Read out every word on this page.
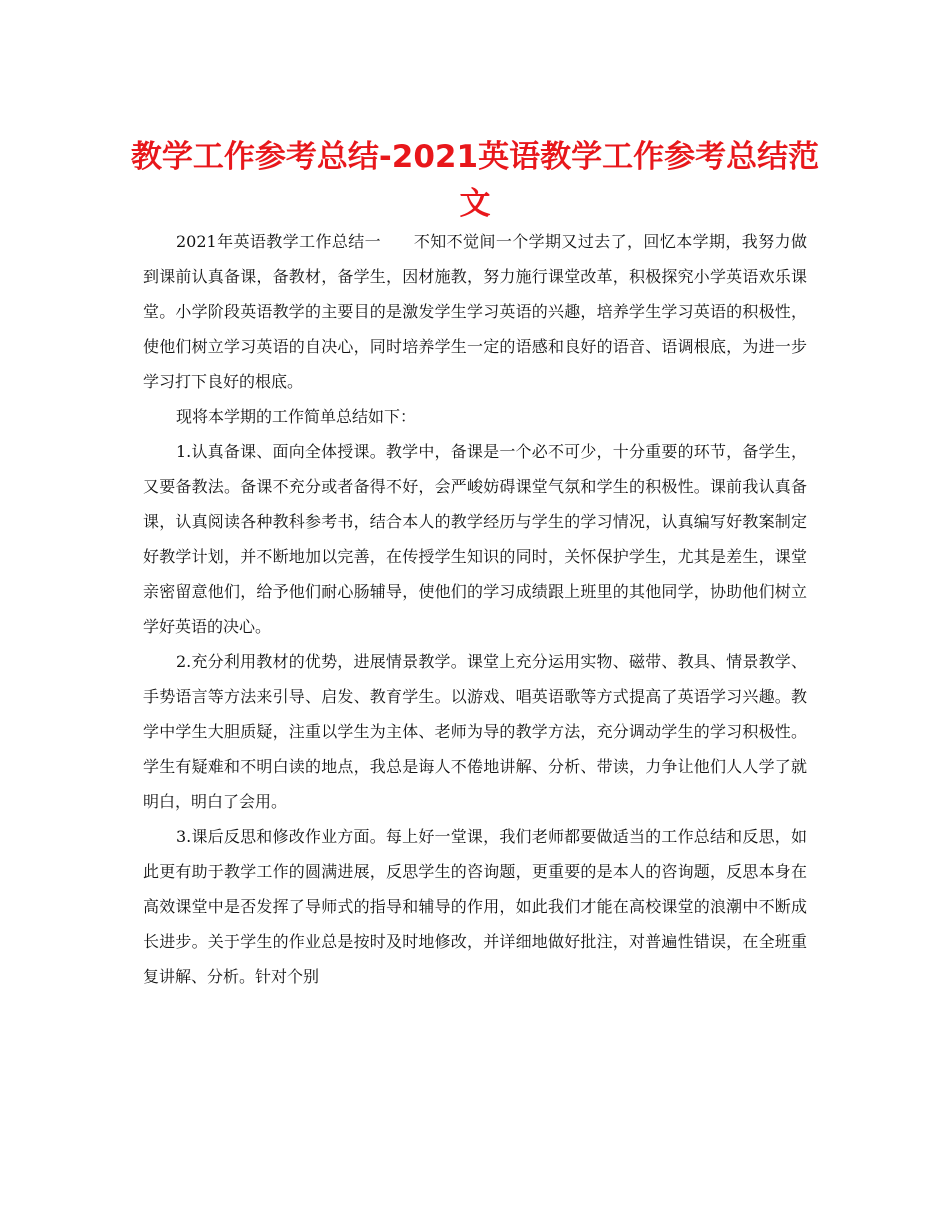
教学工作参考总结-2021英语教学工作参考总结范文

2021年英语教学工作总结一　　不知不觉间一个学期又过去了，回忆本学期，我努力做到课前认真备课，备教材，备学生，因材施教，努力施行课堂改革，积极探究小学英语欢乐课堂。小学阶段英语教学的主要目的是激发学生学习英语的兴趣，培养学生学习英语的积极性，使他们树立学习英语的自决心，同时培养学生一定的语感和良好的语音、语调根底，为进一步学习打下良好的根底。

现将本学期的工作简单总结如下：

1.认真备课、面向全体授课。教学中，备课是一个必不可少，十分重要的环节，备学生，又要备教法。备课不充分或者备得不好，会严峻妨碍课堂气氛和学生的积极性。课前我认真备课，认真阅读各种教科参考书，结合本人的教学经历与学生的学习情况，认真编写好教案制定好教学计划，并不断地加以完善，在传授学生知识的同时，关怀保护学生，尤其是差生，课堂亲密留意他们，给予他们耐心肠辅导，使他们的学习成绩跟上班里的其他同学，协助他们树立学好英语的决心。

2.充分利用教材的优势，进展情景教学。课堂上充分运用实物、磁带、教具、情景教学、手势语言等方法来引导、启发、教育学生。以游戏、唱英语歌等方式提高了英语学习兴趣。教学中学生大胆质疑，注重以学生为主体、老师为导的教学方法，充分调动学生的学习积极性。学生有疑难和不明白读的地点，我总是诲人不倦地讲解、分析、带读，力争让他们人人学了就明白，明白了会用。

3.课后反思和修改作业方面。每上好一堂课，我们老师都要做适当的工作总结和反思，如此更有助于教学工作的圆满进展，反思学生的咨询题，更重要的是本人的咨询题，反思本身在高效课堂中是否发挥了导师式的指导和辅导的作用，如此我们才能在高校课堂的浪潮中不断成长进步。关于学生的作业总是按时及时地修改，并详细地做好批注，对普遍性错误，在全班重复讲解、分析。针对个别
